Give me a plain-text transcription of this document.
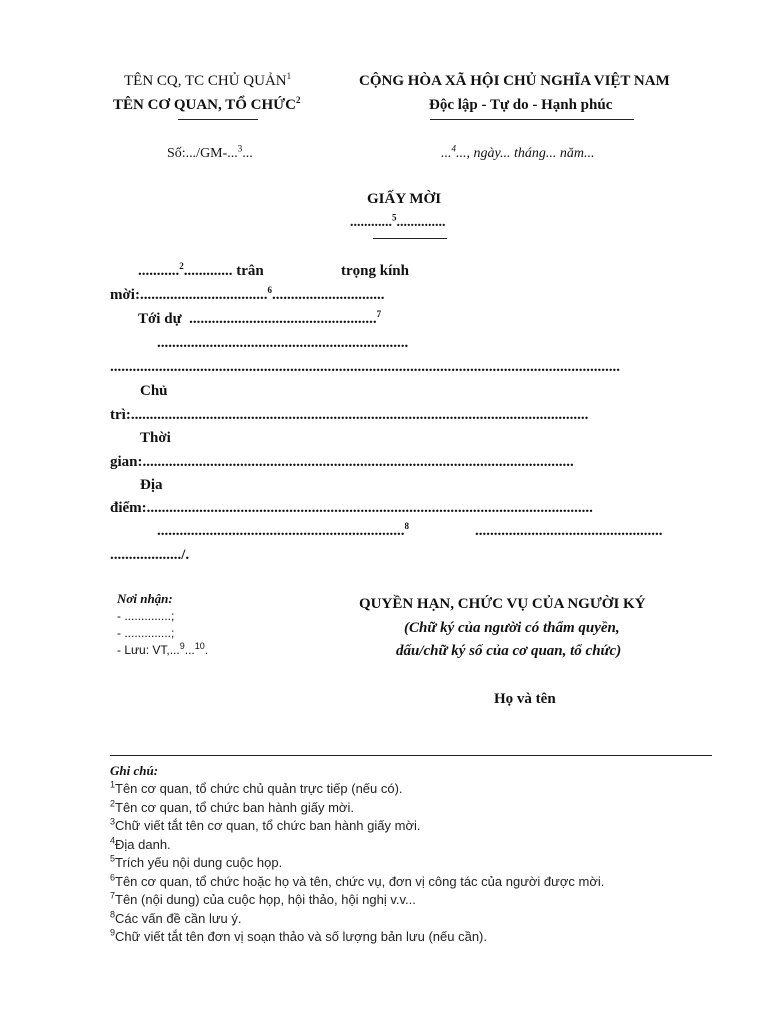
TÊN CQ, TC CHỦ QUẢN$^1$
TÊN CƠ QUAN, TỔ CHỨC$^2$
Số:.../GM-...$^3$...
CỘNG HÒA XÃ HỘI CHỦ NGHĨA VIỆT NAM
Độc lập - Tự do - Hạnh phúc
...$^4$..., ngày... tháng... năm...
GIẤY MỜI
............$^5$..............
...........$^2$............. trân	trọng kính
mời:..................................$^6$..............................
Tới dự ..................................................$^7$
...................................................................
........................................................................................................................................
Chủ
trì:..........................................................................................................................
Thời
gian:...................................................................................................................
Địa
điểm:.......................................................................................................................
..................................................................$^8$	..................................................
.................../.
Nơi nhận:
- ..............;
- ..............;
- Lưu: VT,...$^9$...$^{10}$.
QUYỀN HẠN, CHỨC VỤ CỦA NGƯỜI KÝ
(Chữ ký của người có thẩm quyền,
dấu/chữ ký số của cơ quan, tổ chức)
Họ và tên
Ghi chú:
$^1$Tên cơ quan, tổ chức chủ quản trực tiếp (nếu có).
$^2$Tên cơ quan, tổ chức ban hành giấy mời.
$^3$Chữ viết tắt tên cơ quan, tổ chức ban hành giấy mời.
$^4$Địa danh.
$^5$Trích yếu nội dung cuộc họp.
$^6$Tên cơ quan, tổ chức hoặc họ và tên, chức vụ, đơn vị công tác của người được mời.
$^7$Tên (nội dung) của cuộc họp, hội thảo, hội nghị v.v...
$^8$Các vấn đề cần lưu ý.
$^9$Chữ viết tắt tên đơn vị soạn thảo và số lượng bản lưu (nếu cần).
